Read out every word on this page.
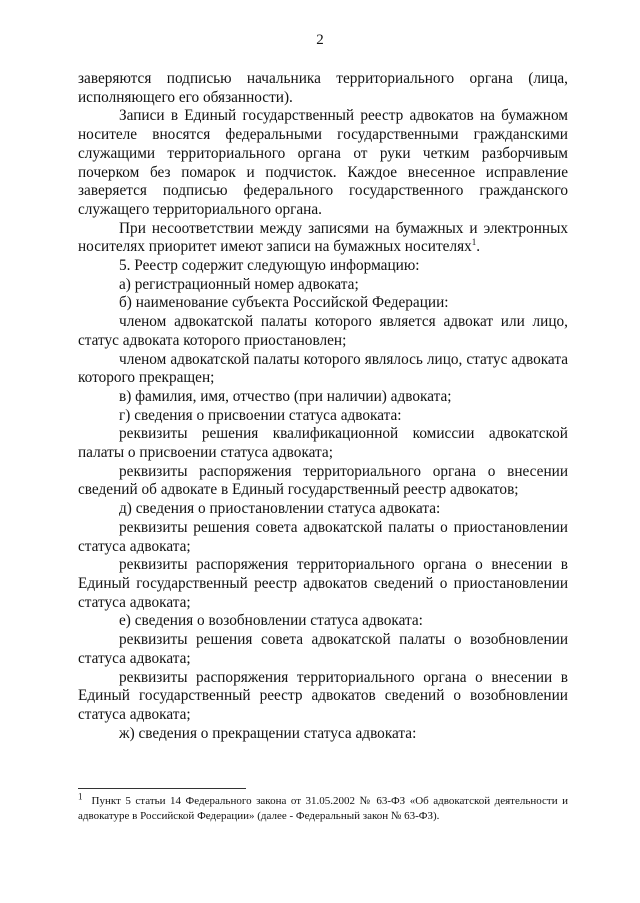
2

заверяются подписью начальника территориального органа (лица, исполняющего его обязанности).

Записи в Единый государственный реестр адвокатов на бумажном носителе вносятся федеральными государственными гражданскими служащими территориального органа от руки четким разборчивым почерком без помарок и подчисток. Каждое внесенное исправление заверяется подписью федерального государственного гражданского служащего территориального органа.

При несоответствии между записями на бумажных и электронных носителях приоритет имеют записи на бумажных носителях$^1$.

5. Реестр содержит следующую информацию:

а) регистрационный номер адвоката;

б) наименование субъекта Российской Федерации:

членом адвокатской палаты которого является адвокат или лицо, статус адвоката которого приостановлен;

членом адвокатской палаты которого являлось лицо, статус адвоката которого прекращен;

в) фамилия, имя, отчество (при наличии) адвоката;

г) сведения о присвоении статуса адвоката:

реквизиты решения квалификационной комиссии адвокатской палаты о присвоении статуса адвоката;

реквизиты распоряжения территориального органа о внесении сведений об адвокате в Единый государственный реестр адвокатов;

д) сведения о приостановлении статуса адвоката:

реквизиты решения совета адвокатской палаты о приостановлении статуса адвоката;

реквизиты распоряжения территориального органа о внесении в Единый государственный реестр адвокатов сведений о приостановлении статуса адвоката;

е) сведения о возобновлении статуса адвоката:

реквизиты решения совета адвокатской палаты о возобновлении статуса адвоката;

реквизиты распоряжения территориального органа о внесении в Единый государственный реестр адвокатов сведений о возобновлении статуса адвоката;

ж) сведения о прекращении статуса адвоката:

$^1$ Пункт 5 статьи 14 Федерального закона от 31.05.2002 № 63-ФЗ «Об адвокатской деятельности и адвокатуре в Российской Федерации» (далее - Федеральный закон № 63-ФЗ).
